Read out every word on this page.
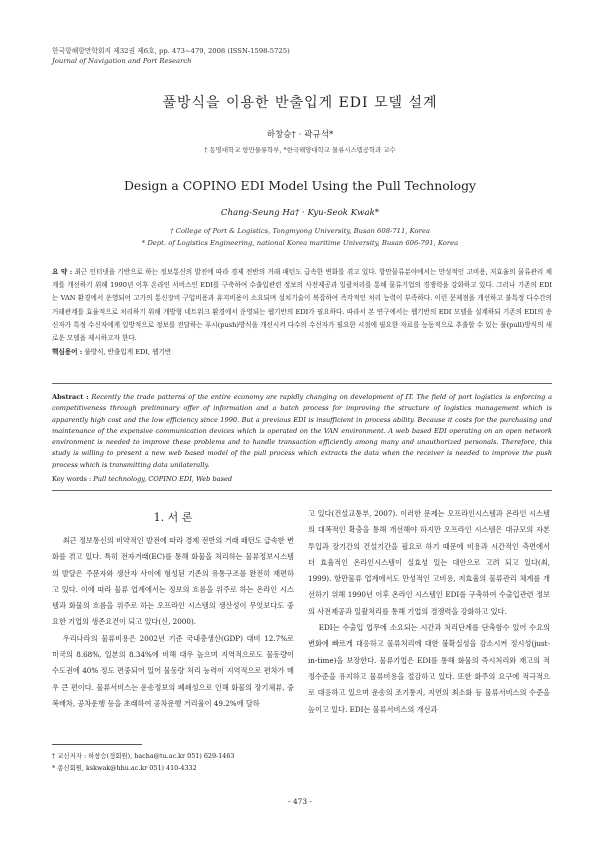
한국항해항만학회지 제32권 제6호, pp. 473~479, 2008 (ISSN-1598-5725)
Journal of Navigation and Port Research
풀방식을 이용한 반출입게 EDI 모델 설계
하창승† · 곽규석*
† 동명대학교 항만물류학부, *한국해양대학교 물류시스템공학과 교수
Design a COPINO EDI Model Using the Pull Technology
Chang-Seung Ha† · Kyu-Seok Kwak*
† College of Port & Logistics, Tongmyong University, Busan 608-711, Korea
* Dept. of Logistics Engineering, national Korea maritime University, Busan 606-791, Korea
요 약 : 최근 인터넷을 기반으로 하는 정보통신의 발전에 따라 경제 전반의 거래 패턴도 급속한 변화를 겪고 있다. 항만물류분야에서는 만성적인 고비용, 저효율의 물류관리 체계를 개선하기 위해 1990년 이후 온라인 서비스인 EDI를 구축하여 수출입관련 정보의 사전제공과 일괄처리를 통해 물류기업의 경쟁력을 강화하고 있다. 그러나 기존의 EDI는 VAN 환경에서 운영되어 고가의 통신장비 구입비용과 유지비용이 소요되며 설치기술이 복잡하여 즉각적인 처리 능력이 부족하다. 이런 문제점을 개선하고 불특정 다수간의 거래관계를 효율적으로 처리하기 위해 개방형 네트워크 환경에서 운영되는 웹기반의 EDI가 필요하다. 따라서 본 연구에서는 웹기반의 EDI 모델을 설계하되 기존의 EDI의 송신자가 특정 수신자에게 일방적으로 정보를 전달하는 푸시(push)방식을 개선시켜 다수의 수신자가 필요한 시점에 필요한 자료를 능동적으로 추출할 수 있는 풀(pull)방식의 새로운 모델을 제시하고자 한다.
핵심용어 : 풀방식, 반출입게 EDI, 웹기반
Abstract : Recently the trade patterns of the entire economy are rapidly changing on development of IT. The field of port logistics is enforcing a competitiveness through preliminary offer of information and a batch process for improving the structure of logistics management which is apparently high cost and the low efficiency since 1990. But a previous EDI is insufficient in process ability. Because it costs for the purchasing and maintenance of the expensive communication devices which is operated on the VAN environment. A web based EDI operating on an open network environment is needed to improve these problems and to handle transaction efficiently among many and unauthorized personals. Therefore, this study is willing to present a new web based model of the pull process which extracts the data when the receiver is needed to improve the push process which is transmitting data unilaterally.
Key words : Pull technology, COPINO EDI, Web based
1. 서 론

최근 정보통신의 비약적인 발전에 따라 경제 전반의 거래 패턴도 급속한 변화를 겪고 있다. 특히 전자거래(EC)를 통해 화물을 처리하는 물류정보시스템의 발달은 주문자와 생산자 사이에 형성된 기존의 유통구조를 완전히 재편하고 있다. 이에 따라 물류 업계에서는 정보의 흐름을 위주로 하는 온라인 시스템과 화물의 흐름을 위주로 하는 오프라인 시스템의 생산성이 무엇보다도 중요한 기업의 생존요건이 되고 있다(신, 2000).

우리나라의 물류비용은 2002년 기준 국내총생산(GDP) 대비 12.7%로 미국의 8.68%, 일본의 8.34%에 비해 대우 높으며 지역적으로도 물동량이 수도권에 40% 정도 편중되어 있어 물동량 처리 능력이 지역적으로 편차가 매우 큰 편이다. 물류서비스는 운송정보의 폐쇄성으로 인해 화물의 장기체류, 중복배차, 공차운행 등을 초래하여 공차운행 거리율이 49.2%에 달하

고 있다(건설교통부, 2007). 이러한 문제는 오프라인시스템과 온라인 시스템의 대폭적인 확충을 통해 개선해야 하지만 오프라인 시스템은 대규모의 자본투입과 장기간의 건설기간을 필요로 하기 때문에 비용과 시간적인 측면에서 더 효율적인 온라인시스템이 실효성 있는 대안으로 고려 되고 있다(최, 1999). 항만물류 업계에서도 만성적인 고비용, 저효율의 물류관리 체계를 개선하기 위해 1990년 이후 온라인 시스템인 EDI를 구축하여 수출입관련 정보의 사전제공과 일괄처리를 통해 기업의 경쟁력을 강화하고 있다.

EDI는 수출입 업무에 소요되는 시간과 처리단계를 단축함수 있어 수요의 변화에 빠르게 대응하고 물류처리에 대한 불확실성을 감소시켜 정시성(just-in-time)을 보장한다. 물류기업은 EDI를 통해 화물의 즉시처리와 재고의 적정수준을 유지하고 물류비용을 절감하고 있다. 또한 화주의 요구에 적극적으로 대응하고 있으며 운송의 조기통지, 지연의 최소화 등 물류서비스의 수준을 높이고 있다. EDI는 물류서비스의 개선과

† 교신저자 : 하창승(정회원), hacha@tu.ac.kr 051) 629-1463
* 종신회원, kskwak@hhu.ac.kr 051) 410-4332
- 473 -
